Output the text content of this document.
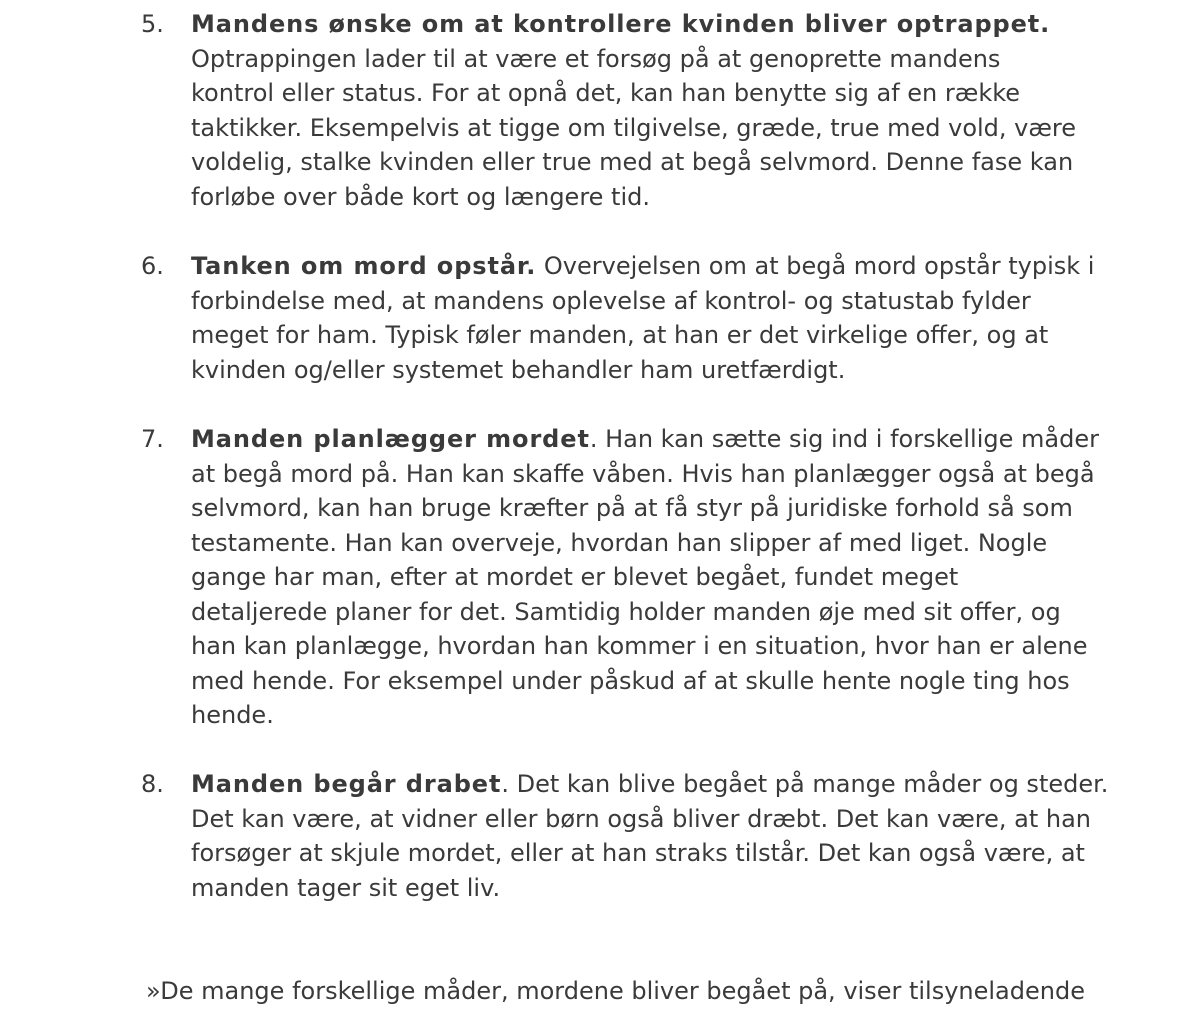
5. Mandens ønske om at kontrollere kvinden bliver optrappet.
Optrappingen lader til at være et forsøg på at genoprette mandens
kontrol eller status. For at opnå det, kan han benytte sig af en række
taktikker. Eksempelvis at tigge om tilgivelse, græde, true med vold, være
voldelig, stalke kvinden eller true med at begå selvmord. Denne fase kan
forløbe over både kort og længere tid.
6. Tanken om mord opstår. Overvejelsen om at begå mord opstår typisk i
forbindelse med, at mandens oplevelse af kontrol- og statustab fylder
meget for ham. Typisk føler manden, at han er det virkelige offer, og at
kvinden og/eller systemet behandler ham uretfærdigt.
7. Manden planlægger mordet. Han kan sætte sig ind i forskellige måder
at begå mord på. Han kan skaffe våben. Hvis han planlægger også at begå
selvmord, kan han bruge kræfter på at få styr på juridiske forhold så som
testamente. Han kan overveje, hvordan han slipper af med liget. Nogle
gange har man, efter at mordet er blevet begået, fundet meget
detaljerede planer for det. Samtidig holder manden øje med sit offer, og
han kan planlægge, hvordan han kommer i en situation, hvor han er alene
med hende. For eksempel under påskud af at skulle hente nogle ting hos
hende.
8. Manden begår drabet. Det kan blive begået på mange måder og steder.
Det kan være, at vidner eller børn også bliver dræbt. Det kan være, at han
forsøger at skjule mordet, eller at han straks tilstår. Det kan også være, at
manden tager sit eget liv.

»De mange forskellige måder, mordene bliver begået på, viser tilsyneladende
